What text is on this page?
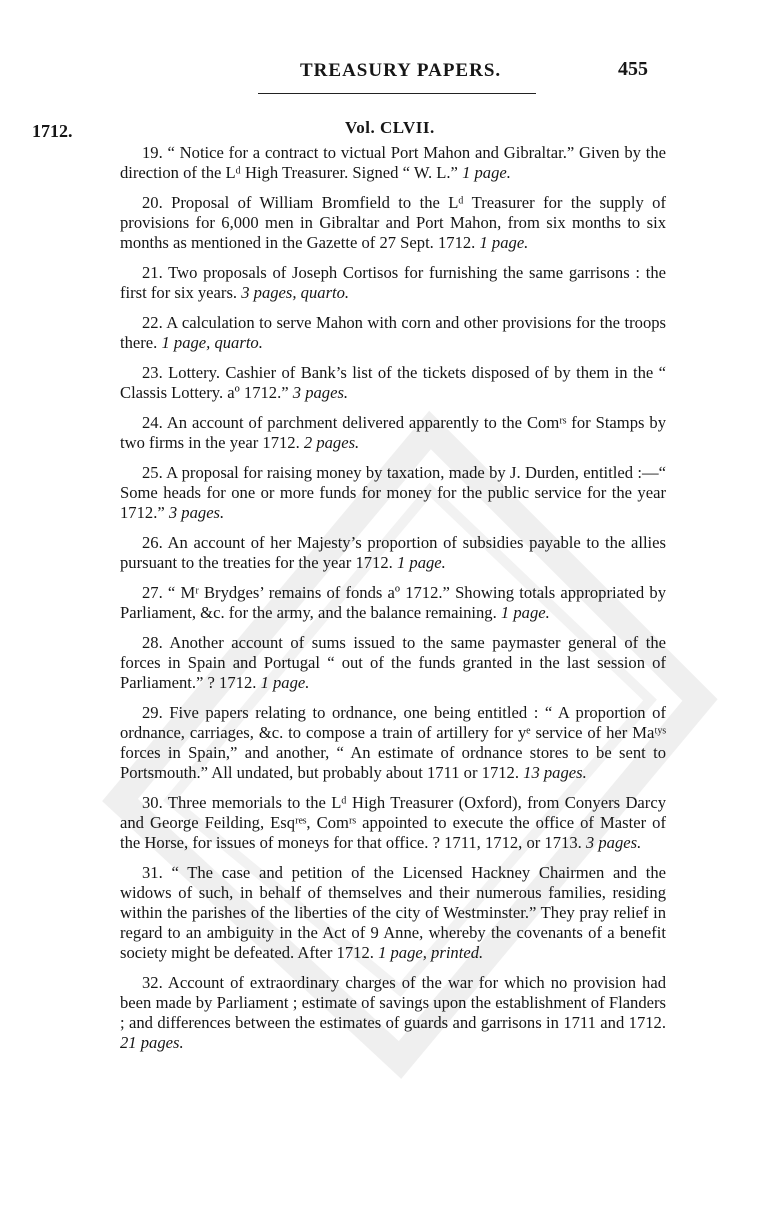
TREASURY PAPERS.	455
1712.	Vol. CLVII.

19. “ Notice for a contract to victual Port Mahon and Gibraltar.” Given by the direction of the Lᵈ High Treasurer. Signed “ W. L.” 1 page.

20. Proposal of William Bromfield to the Lᵈ Treasurer for the supply of provisions for 6,000 men in Gibraltar and Port Mahon, from six months to six months as mentioned in the Gazette of 27 Sept. 1712. 1 page.

21. Two proposals of Joseph Cortisos for furnishing the same garrisons : the first for six years. 3 pages, quarto.

22. A calculation to serve Mahon with corn and other provisions for the troops there. 1 page, quarto.

23. Lottery. Cashier of Bank’s list of the tickets disposed of by them in the “ Classis Lottery. aº 1712.” 3 pages.

24. An account of parchment delivered apparently to the Comʳˢ for Stamps by two firms in the year 1712. 2 pages.

25. A proposal for raising money by taxation, made by J. Durden, entitled :—“ Some heads for one or more funds for money for the public service for the year 1712.” 3 pages.

26. An account of her Majesty’s proportion of subsidies payable to the allies pursuant to the treaties for the year 1712. 1 page.

27. “ Mʳ Brydges’ remains of fonds aº 1712.” Showing totals appropriated by Parliament, &c. for the army, and the balance remaining. 1 page.

28. Another account of sums issued to the same paymaster general of the forces in Spain and Portugal “ out of the funds granted in the last session of Parliament.” ? 1712. 1 page.

29. Five papers relating to ordnance, one being entitled : “ A proportion of ordnance, carriages, &c. to compose a train of artillery for yᵉ service of her Maᵗʸˢ forces in Spain,” and another, “ An estimate of ordnance stores to be sent to Portsmouth.” All undated, but probably about 1711 or 1712. 13 pages.

30. Three memorials to the Lᵈ High Treasurer (Oxford), from Conyers Darcy and George Feilding, Esqʳᵉˢ, Comʳˢ appointed to execute the office of Master of the Horse, for issues of moneys for that office. ? 1711, 1712, or 1713. 3 pages.

31. “ The case and petition of the Licensed Hackney Chairmen and the widows of such, in behalf of themselves and their numerous families, residing within the parishes of the liberties of the city of Westminster.” They pray relief in regard to an ambiguity in the Act of 9 Anne, whereby the covenants of a benefit society might be defeated. After 1712. 1 page, printed.

32. Account of extraordinary charges of the war for which no provision had been made by Parliament ; estimate of savings upon the establishment of Flanders ; and differences between the estimates of guards and garrisons in 1711 and 1712. 21 pages.
